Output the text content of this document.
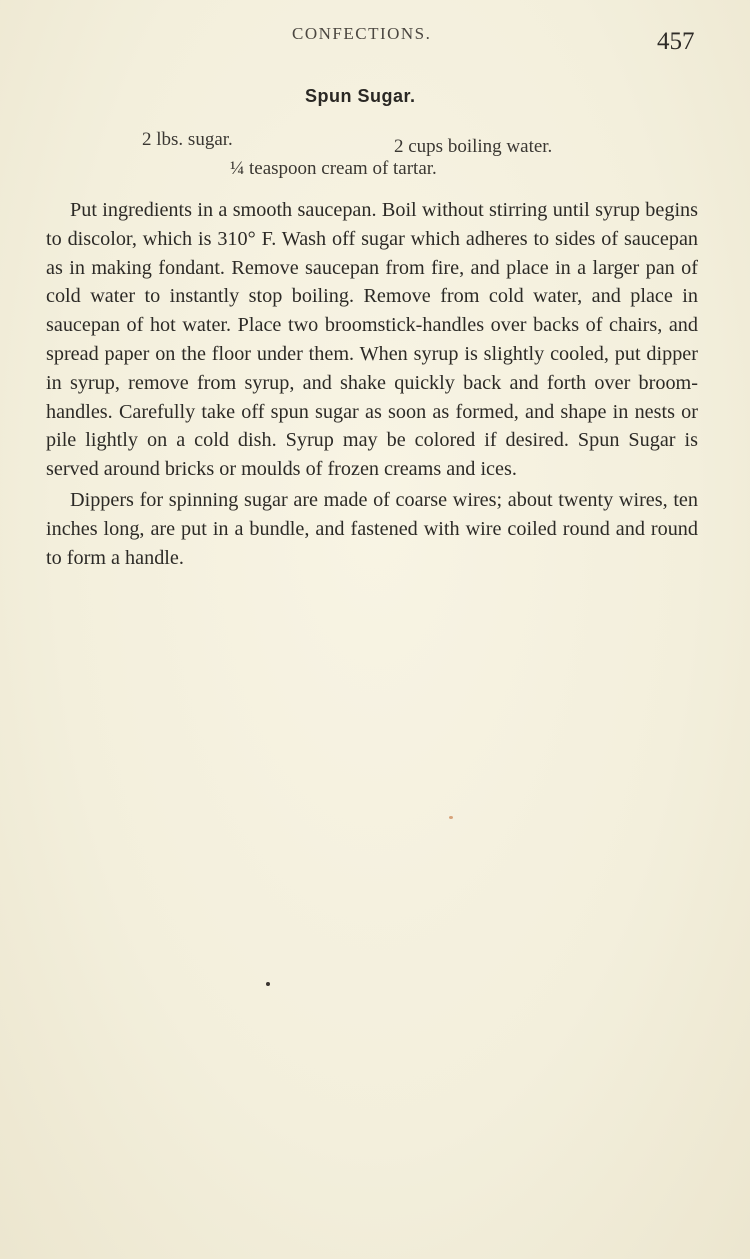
CONFECTIONS.	457
Spun Sugar.
2 lbs. sugar.	2 cups boiling water.
¼ teaspoon cream of tartar.

Put ingredients in a smooth saucepan. Boil without stirring until syrup begins to discolor, which is 310° F. Wash off sugar which adheres to sides of saucepan as in making fondant. Remove saucepan from fire, and place in a larger pan of cold water to instantly stop boiling. Remove from cold water, and place in saucepan of hot water. Place two broomstick-handles over backs of chairs, and spread paper on the floor under them. When syrup is slightly cooled, put dipper in syrup, remove from syrup, and shake quickly back and forth over broom-handles. Carefully take off spun sugar as soon as formed, and shape in nests or pile lightly on a cold dish. Syrup may be colored if desired. Spun Sugar is served around bricks or moulds of frozen creams and ices.

Dippers for spinning sugar are made of coarse wires; about twenty wires, ten inches long, are put in a bundle, and fastened with wire coiled round and round to form a handle.
